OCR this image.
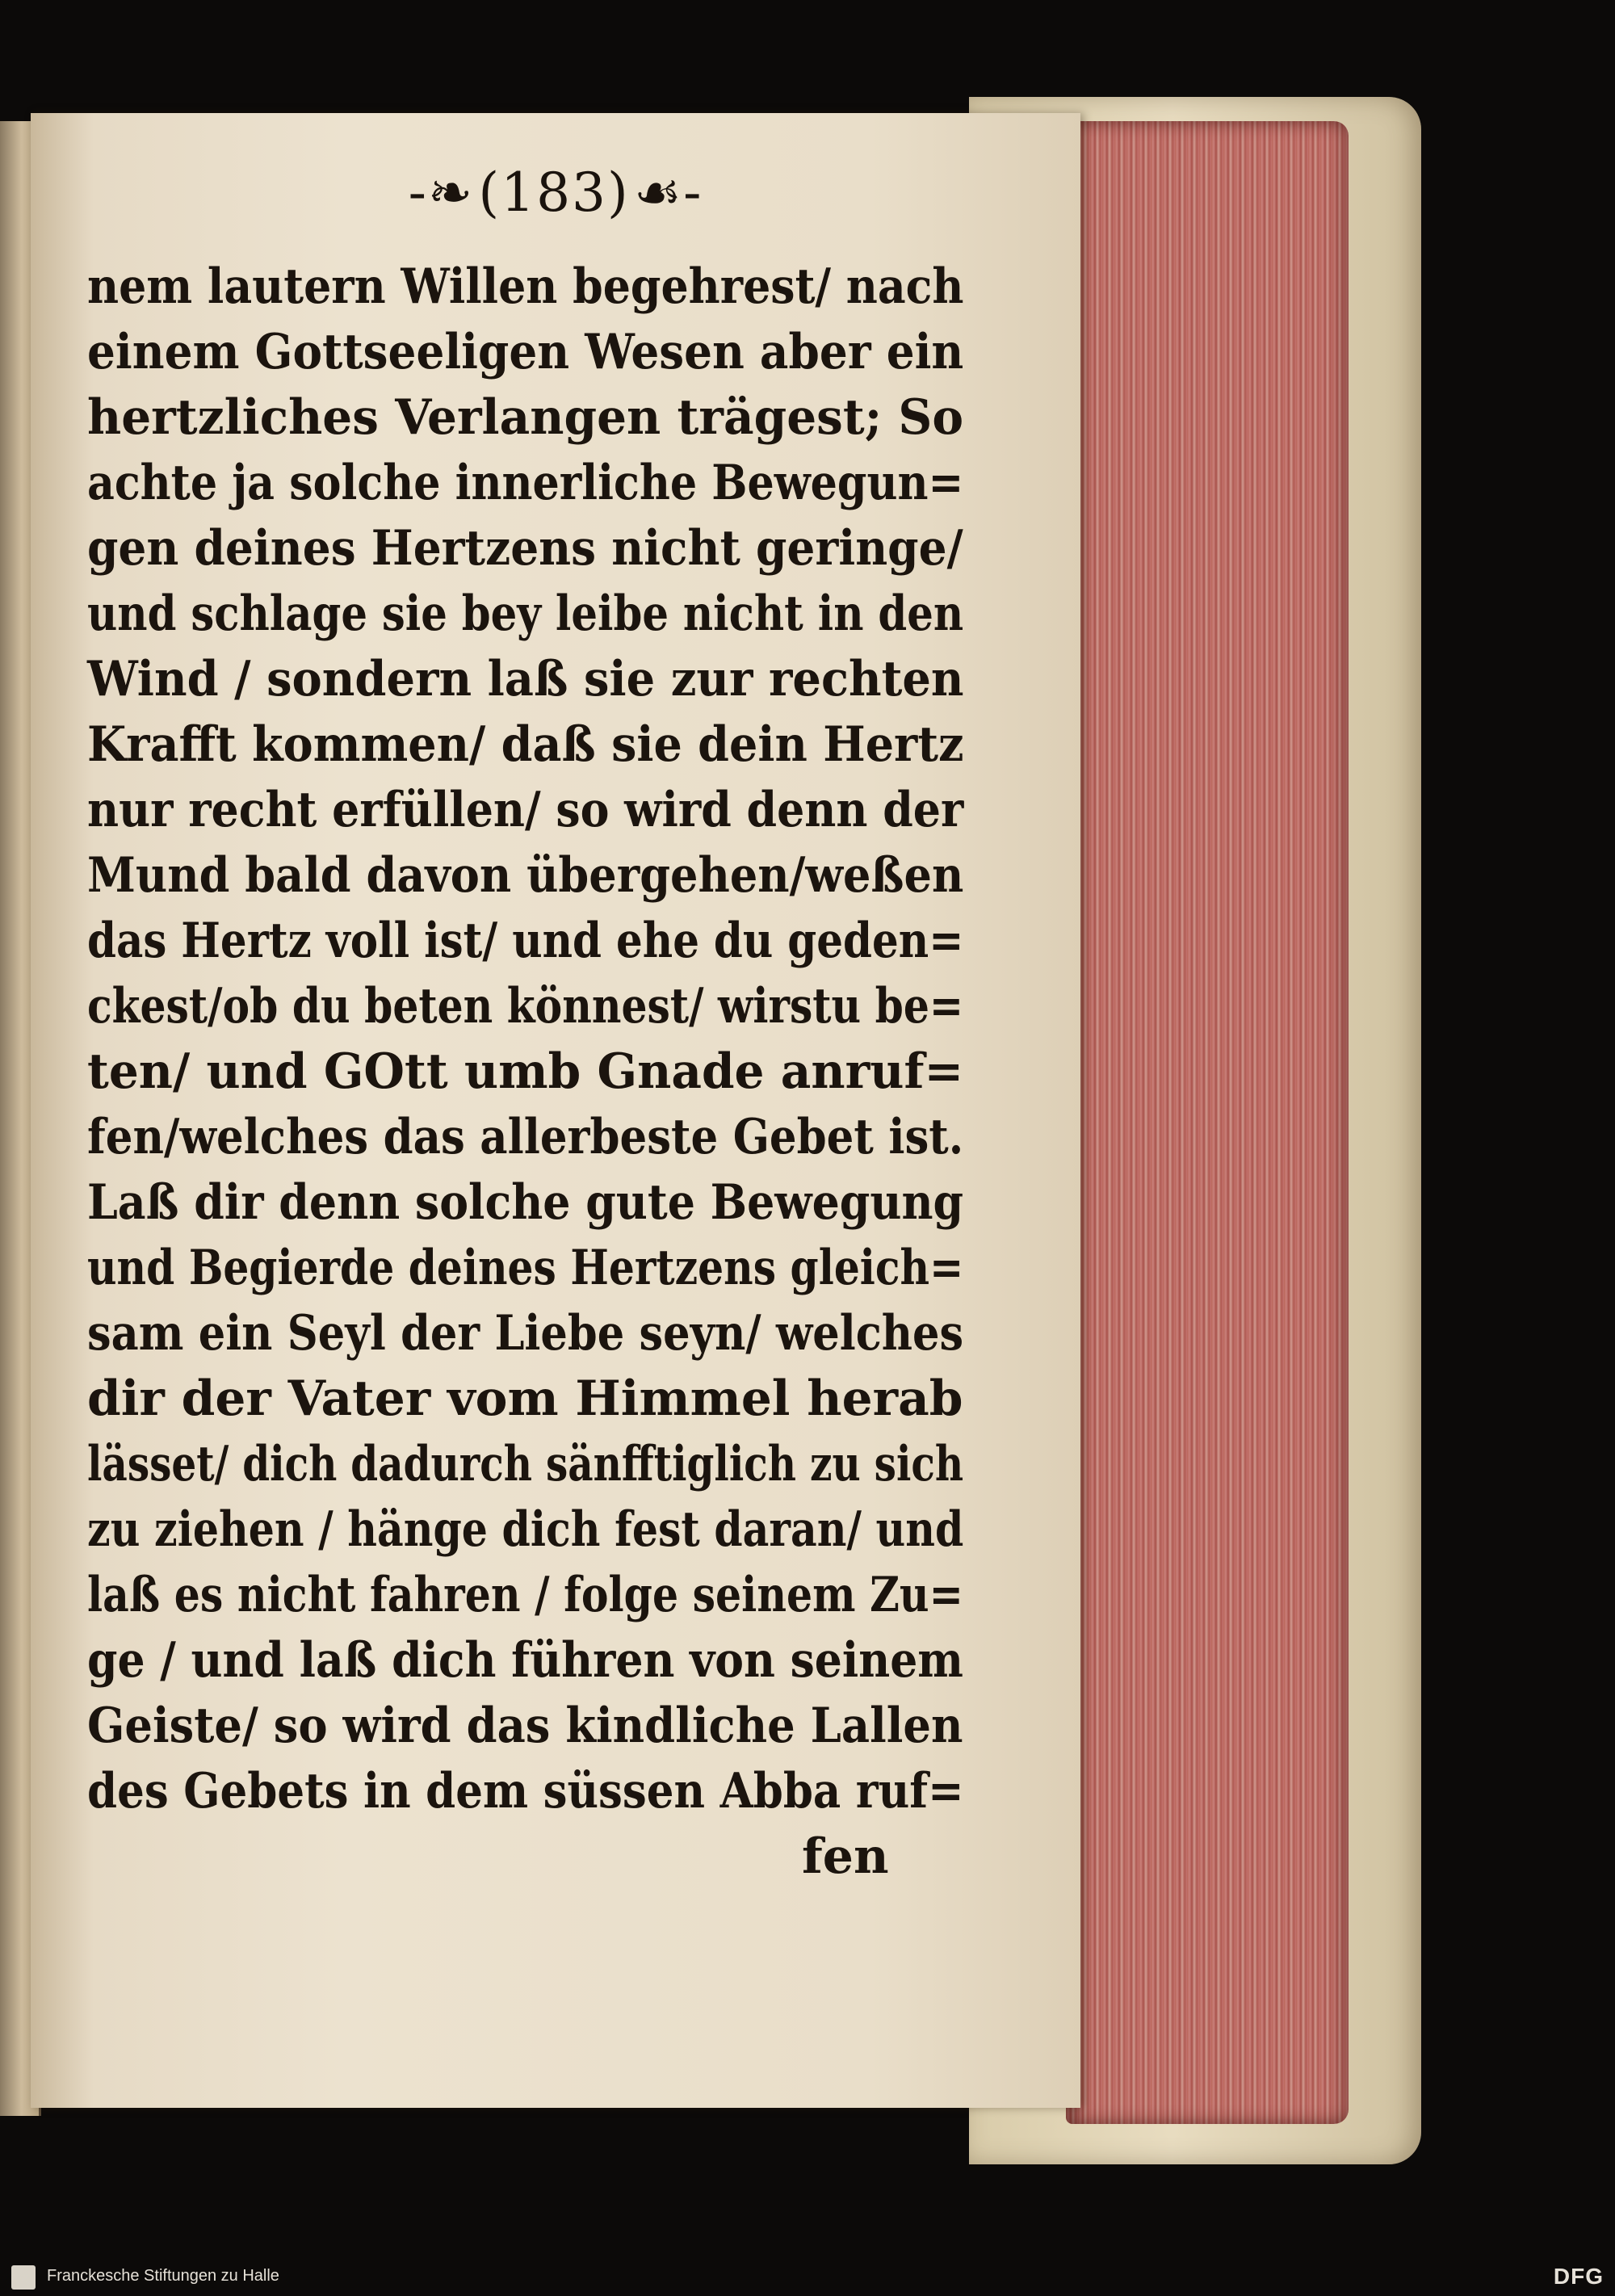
-❧ (183) ☙-
nem lautern Willen begehrest/ nach
einem Gottseeligen Wesen aber ein
hertzliches Verlangen trägest; So
achte ja solche innerliche Bewegun=
gen deines Hertzens nicht geringe/
und schlage sie bey leibe nicht in den
Wind / sondern laß sie zur rechten
Krafft kommen/ daß sie dein Hertz
nur recht erfüllen/ so wird denn der
Mund bald davon übergehen/weßen
das Hertz voll ist/ und ehe du geden=
ckest/ob du beten könnest/ wirstu be=
ten/ und GOtt umb Gnade anruf=
fen/welches das allerbeste Gebet ist.
Laß dir denn solche gute Bewegung
und Begierde deines Hertzens gleich=
sam ein Seyl der Liebe seyn/ welches
dir der Vater vom Himmel herab
lässet/ dich dadurch sänfftiglich zu sich
zu ziehen / hänge dich fest daran/ und
laß es nicht fahren / folge seinem Zu=
ge / und laß dich führen von seinem
Geiste/ so wird das kindliche Lallen
des Gebets in dem süssen Abba ruf=
fen
Franckesche Stiftungen zu Halle	DFG
